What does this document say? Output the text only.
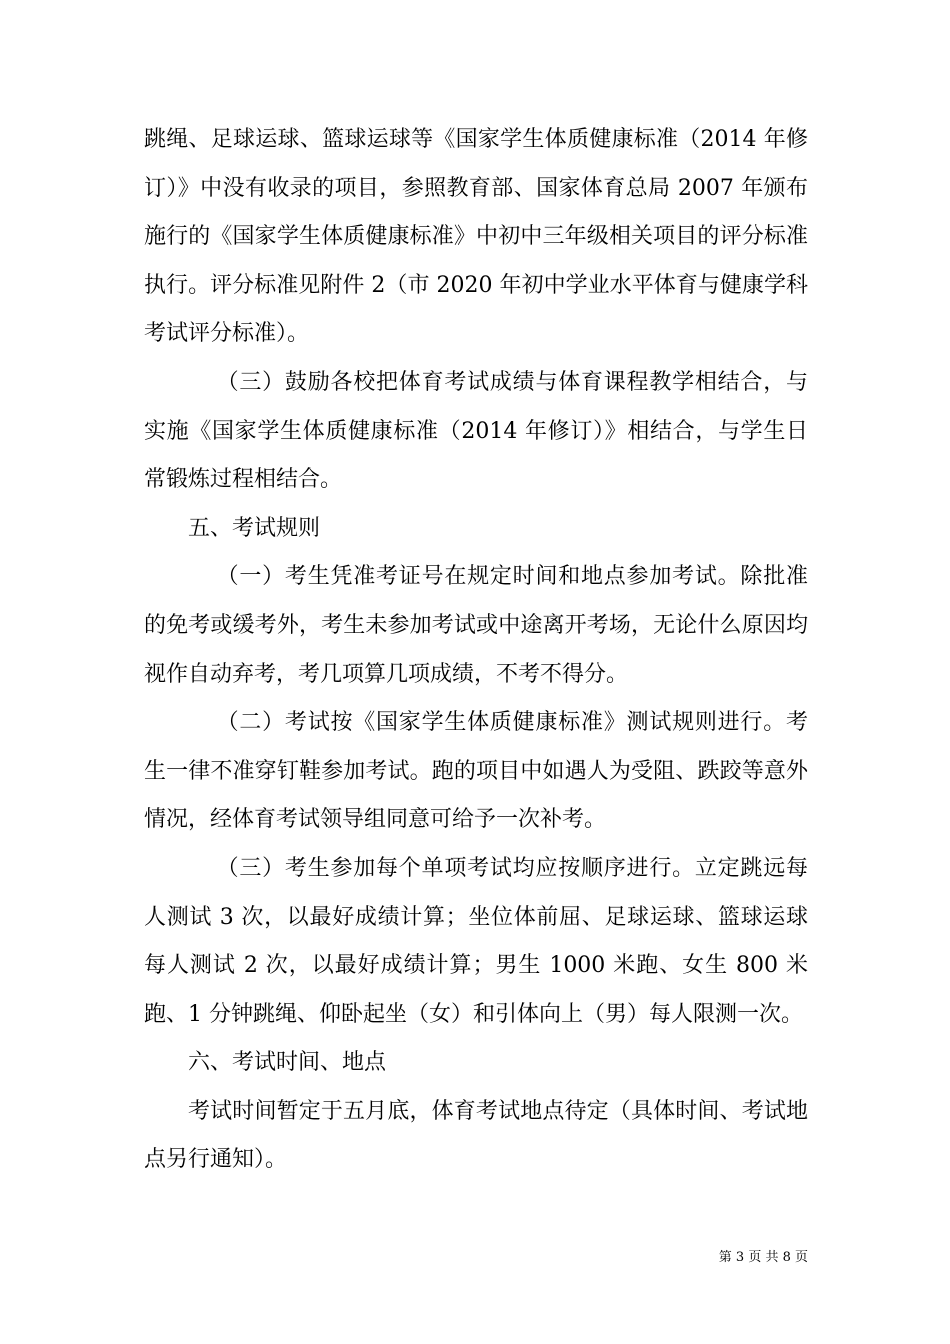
跳绳、足球运球、篮球运球等《国家学生体质健康标准（2014 年修订）》中没有收录的项目，参照教育部、国家体育总局 2007 年颁布施行的《国家学生体质健康标准》中初中三年级相关项目的评分标准执行。评分标准见附件 2（市 2020 年初中学业水平体育与健康学科考试评分标准）。

（三）鼓励各校把体育考试成绩与体育课程教学相结合，与实施《国家学生体质健康标准（2014 年修订）》相结合，与学生日常锻炼过程相结合。

五、考试规则

（一）考生凭准考证号在规定时间和地点参加考试。除批准的免考或缓考外，考生未参加考试或中途离开考场，无论什么原因均视作自动弃考，考几项算几项成绩，不考不得分。

（二）考试按《国家学生体质健康标准》测试规则进行。考生一律不准穿钉鞋参加考试。跑的项目中如遇人为受阻、跌跤等意外情况，经体育考试领导组同意可给予一次补考。

（三）考生参加每个单项考试均应按顺序进行。立定跳远每人测试 3 次，以最好成绩计算；坐位体前屈、足球运球、篮球运球每人测试 2 次，以最好成绩计算；男生 1000 米跑、女生 800 米跑、1 分钟跳绳、仰卧起坐（女）和引体向上（男）每人限测一次。

六、考试时间、地点

考试时间暂定于五月底，体育考试地点待定（具体时间、考试地点另行通知）。

第 3 页 共 8 页
